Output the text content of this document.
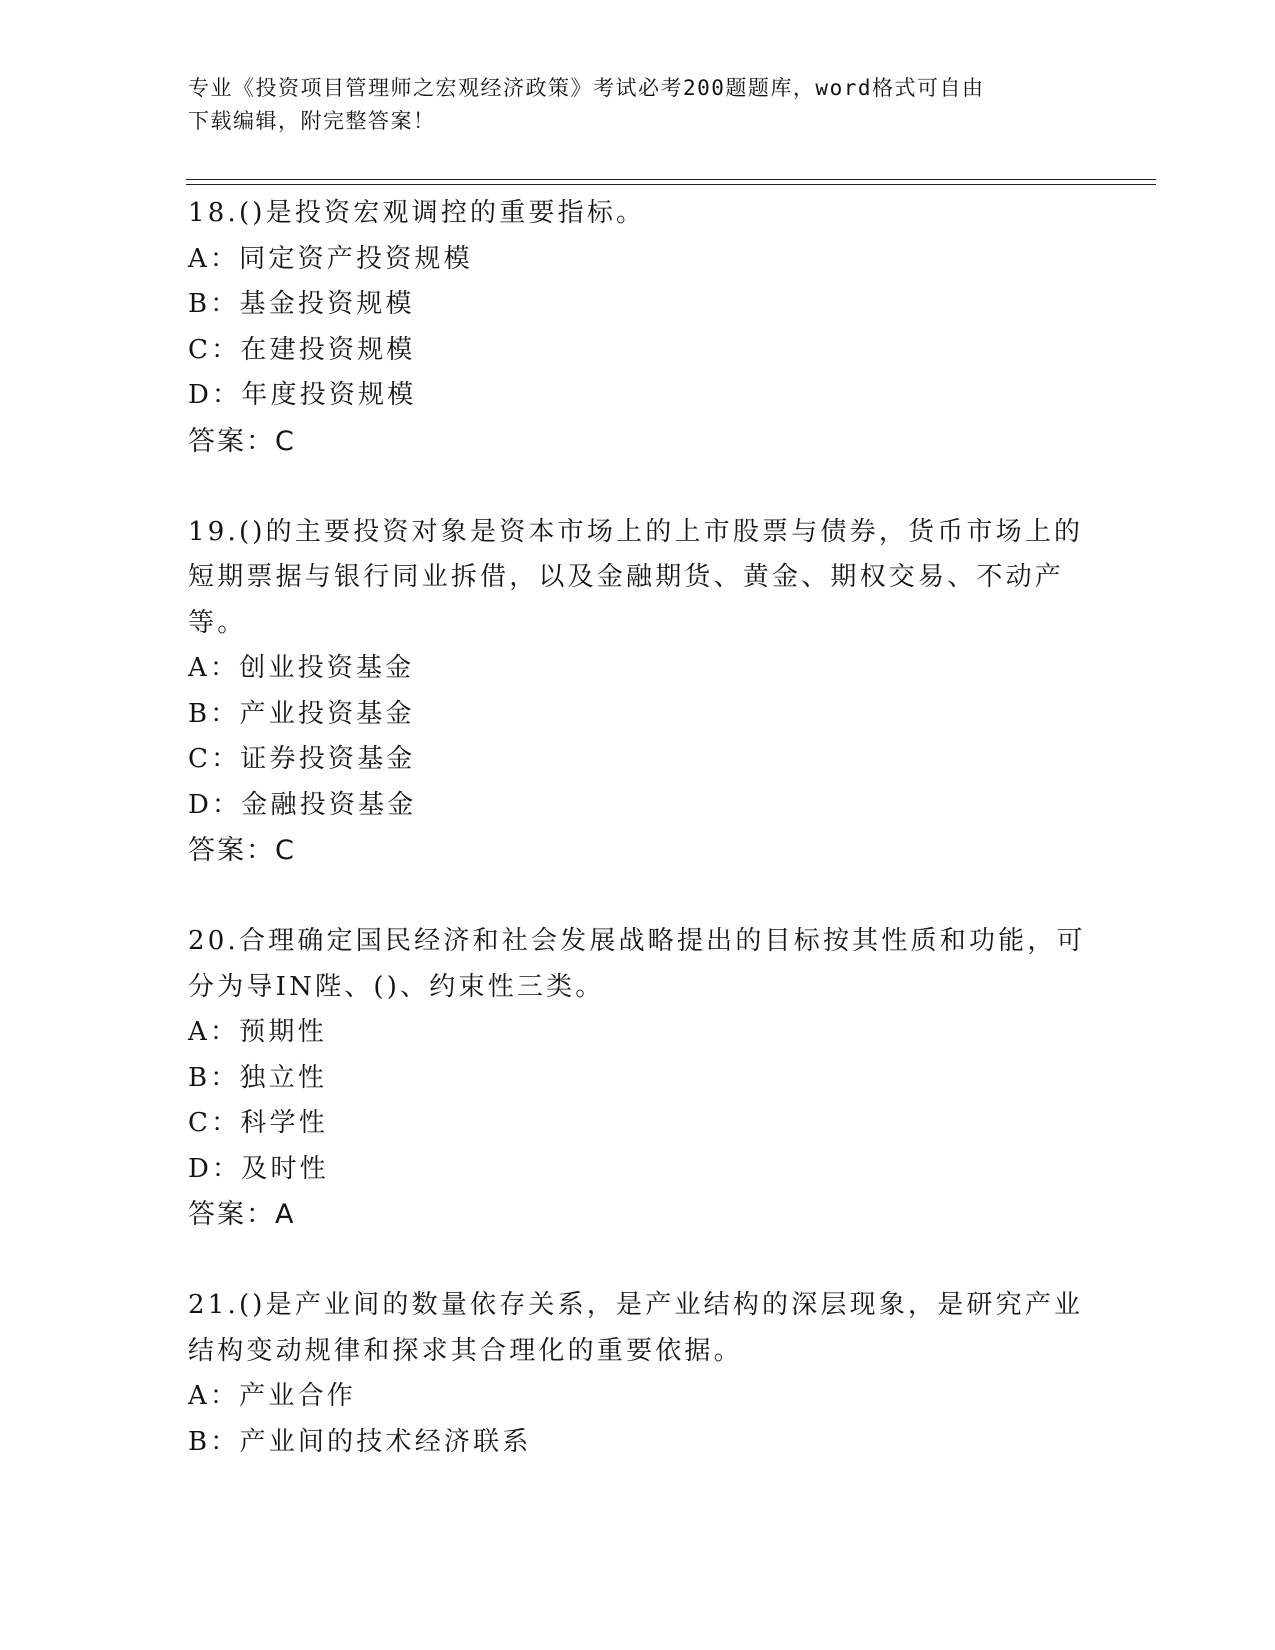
专业《投资项目管理师之宏观经济政策》考试必考200题题库，word格式可自由
下载编辑，附完整答案！
18.()是投资宏观调控的重要指标。
A：同定资产投资规模
B：基金投资规模
C：在建投资规模
D：年度投资规模
答案：C
19.()的主要投资对象是资本市场上的上市股票与债券，货币市场上的
短期票据与银行同业拆借，以及金融期货、黄金、期权交易、不动产
等。
A：创业投资基金
B：产业投资基金
C：证券投资基金
D：金融投资基金
答案：C
20.合理确定国民经济和社会发展战略提出的目标按其性质和功能，可
分为导IN陛、()、约束性三类。
A：预期性
B：独立性
C：科学性
D：及时性
答案：A
21.()是产业间的数量依存关系，是产业结构的深层现象，是研究产业
结构变动规律和探求其合理化的重要依据。
A：产业合作
B：产业间的技术经济联系
